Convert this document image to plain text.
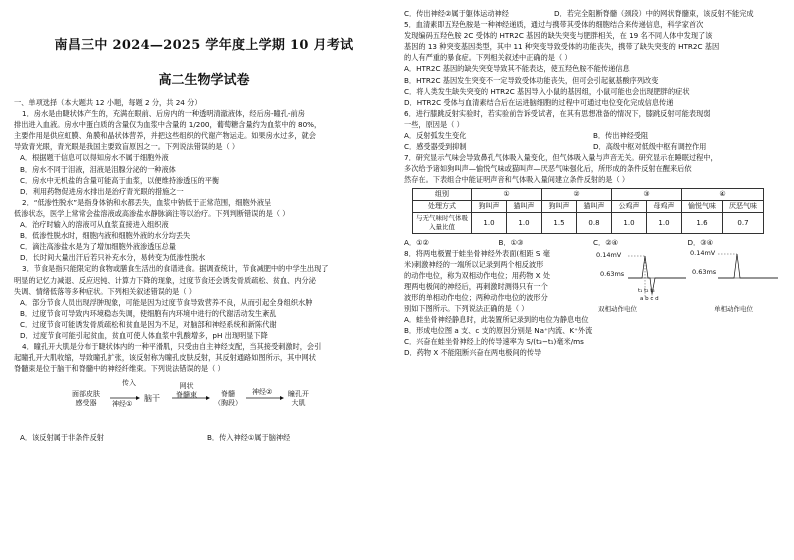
南昌三中 2024—2025 学年度上学期 10 月考试
高二生物学试卷

一、单项选择（本大题共 12 小题，每题 2 分，共 24 分）

1．房水是由睫状体产生的，充满在眼前、后房内的一种透明清澈液体，经后房-瞳孔-前房

排出进入血液。房水中蛋白质的含量仅为血浆中含量的 1/200，葡萄糖含量约为血浆中的 80%，

主要作用是供应虹膜、角膜和晶状体营养，并把这些组织的代谢产物运走。如果房水过多，就会

导致青光眼，青光眼是我国主要致盲原因之一。下列说法错误的是（ ）

A．根据题干信息可以得知房水不属于细胞外液

B．房水不同于泪液，泪液是泪腺分泌的一种液体

C．房水中无机盐的含量可能高于血浆，以便维持渗透压的平衡

D．利用药物促进房水排出是治疗青光眼的措施之一

2．“低渗性脱水”是指身体钠和水都丢失，血浆中钠低于正常范围，细胞外液呈

低渗状态，医学上常常会盐溶液或高渗盐水静脉滴注等以治疗。下列判断错误的是（ ）

A．治疗时输入的溶液可从血浆直接进入组织液

B．低渗性脱水时，细胞内液和细胞外液的水分均丢失

C．滴注高渗盐水是为了增加细胞外液渗透压总量

D．长时间大量出汗后若只补充水分，易转变为低渗性脱水

3．节食是指只能限定的食物或膳食生活出的食谱进食。据调查统计，节食减肥中的中学生出现了

明显的记忆力减退、反应迟钝、计算力下降的现象，过度节食还会诱发骨质疏松、贫血、内分泌

失调、情绪低落等多种症状。下列相关叙述错误的是（ ）

A．部分节食人员出现浮肿现象，可能是因为过度节食导致营养不良，从而引起全身组织水肿

B．过度节食可导致内环境稳态失调，使细胞有内环境中进行的代谢活动发生紊乱

C．过度节食可能诱发骨质疏松和贫血是因为不足，对脑部和神经系统和新陈代谢

D．过度节食可能引起贫血，贫血可使人体血浆中乳酸增多，pH 出现明显下降

4．瞳孔开大肌是分布于睫状体内的一种平滑肌，只受由自主神经支配，当其接受刺激时，会引

起瞳孔开大肌收缩，导致瞳孔扩张，该反射称为瞳孔皮肤反射，其反射通路如图所示，其中网状

脊髓束是位于脑干和脊髓中的神经纤维束。下列说法错误的是（ ）

面部皮肤
感受器
传入
神经①
脑干
网状
脊髓束	脊髓
（胸段）
神经② 瞳孔开
大肌
A．该反射属于非条件反射	B．传入神经①属于脑神经
C．传出神经②属于躯体运动神经	D．若完全阻断脊髓（颈段）中的网状脊髓束，该反射不能完成

5．血清素即五羟色胺是一种神经递质，通过与携带其受体的细胞结合来传递信息，科学家首次

发现编码五羟色胺 2C 受体的 HTR2C 基因的缺失突变与肥胖相关，在 19 名不同人体中发现了该

基因的 13 种突变基因类型，其中 11 种突变导致受体的功能丧失，携带了缺失突变的 HTR2C 基因

的人有严重的暴食症。下列相关叙述中正确的是（ ）

A．HTR2C 基因的缺失突变导致其不能表达，使五羟色胺不能传递信息

B．HTR2C 基因发生突变不一定导致受体功能丧失，但可会引起氨基酸序列改变

C．将人类发生缺失突变的 HTR2C 基因导入小鼠的基因组，小鼠可能也会出现肥胖的症状

D．HTR2C 受体与血清素结合后在运进脑细胞的过程中可通过电位变化完成信息传递

6．进行膝跳反射实验时，若实验前告诉受试者，在其有思想准备的情况下，膝跳反射可能表现弱

一些，原因是（ ）

A．反射弧发生变化	B．传出神经受阻
C．感受器受到抑制	D．高级中枢对低级中枢有调控作用

7．研究显示气味会导致鼻孔气体吸入量变化，但气体吸入量与声音无关。研究显示在睡眠过程中，

多次给予诸如狗叫声—愉悦气味或猫叫声—厌恶气味强化后，所形成的条件反射在醒来后依

然存在。下表组合中能证明声音和气体吸入量间建立条件反射的是（ ）

组别	①		②		③		④	
处理方式	狗叫声	猫叫声	狗叫声	猫叫声	公鸡声	母鸡声	愉悦气味	厌恶气味
与无气味时气体吸入量比值	1.0	1.0	1.5	0.8	1.0	1.0	1.6	0.7
A．①②	B．①③	C．②④	D．③④

8．将两电极置于蛙坐骨神经外表面(相距 S 毫

米)刺激神经的一端所以记录到两个相反波形

的动作电位，称为双相动作电位；用药物 X 处

理两电极间的神经后，再刺激时测得只有一个

波形的单相动作电位；两种动作电位的波形分

别如下图所示。下列说法正确的是（ ）

0.14mV
0.63ms
a b c d
t₁ t₂ t₃
双相动作电位
0.14mV
0.63ms
单相动作电位

A．蛙坐骨神经静息时，此装置所记录到的电位为静息电位

B．形成电位图 a 支、c 支的原因分别是 Na⁺内流、K⁺外流

C．兴奋在蛙坐骨神经上的传导速率为 S/(t₃−t₁)毫米/ms

D．药物 X 不能阻断兴奋在两电极间的传导
